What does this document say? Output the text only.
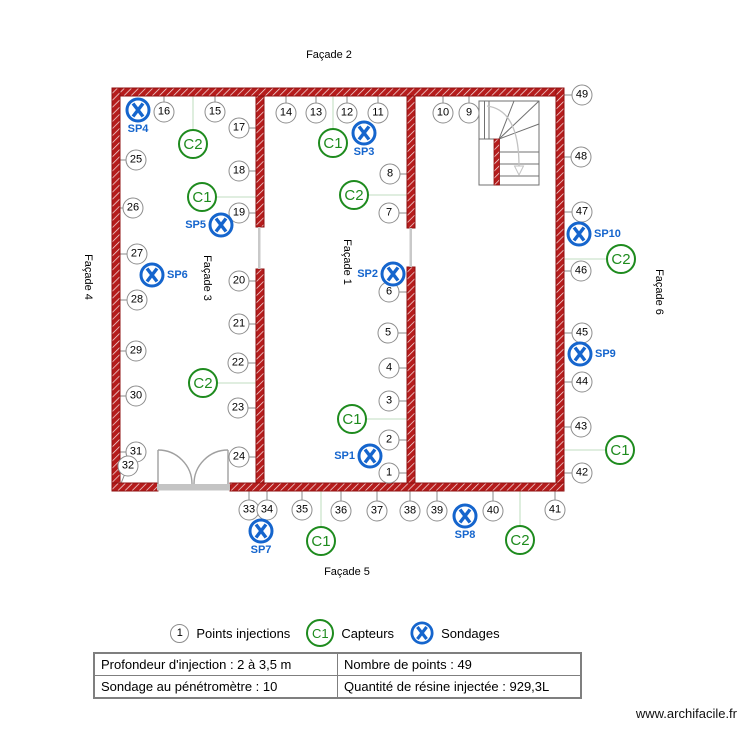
C2
C1
C2
C1
C2
C1
C2
C1
C1	C2
1
2
3
4
5
6
7
8
9
10
11
12
13
14
15
16
17
18
19
20
21
22
23
24
25
26
27
28
29
30
31
32
33 34	35	36	37	38	39	40	41
42
43
44
45
46
47
48
49
SP1
SP2
SP3
SP4
SP5
SP6
SP7
SP8
SP9
SP10
Façade 2
Façade 4	Façade 3	Façade 1
Façade 6
Façade 5
1	Points injections	C1 Capteurs	Sondages
Profondeur d'injection : 2 à 3,5 m	Nombre de points : 49
Sondage au pénétromètre : 10	Quantité de résine injectée : 929,3L
www.archifacile.fr
